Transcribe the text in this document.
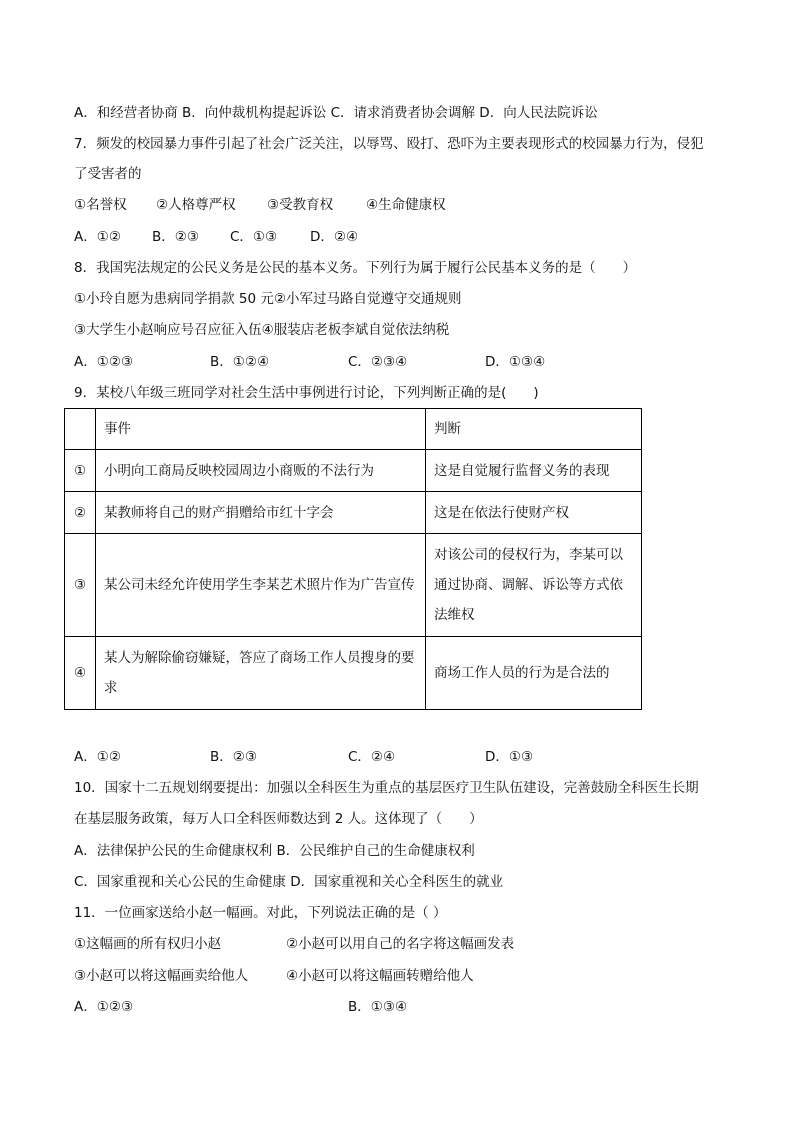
A．和经营者协商 B．向仲裁机构提起诉讼 C．请求消费者协会调解 D．向人民法院诉讼
7．频发的校园暴力事件引起了社会广泛关注，以辱骂、殴打、恐吓为主要表现形式的校园暴力行为，侵犯
了受害者的
①名誉权 ②人格尊严权 ③受教育权 ④生命健康权
A．①② B．②③ C．①③ D．②④
8．我国宪法规定的公民义务是公民的基本义务。下列行为属于履行公民基本义务的是（　　）
①小玲自愿为患病同学捐款 50 元②小军过马路自觉遵守交通规则
③大学生小赵响应号召应征入伍④服装店老板李斌自觉依法纳税
A．①②③	B．①②④	C．②③④	D．①③④
9．某校八年级三班同学对社会生活中事例进行讨论，下列判断正确的是(　　)
	事件	判断
①	小明向工商局反映校园周边小商贩的不法行为	这是自觉履行监督义务的表现
②	某教师将自己的财产捐赠给市红十字会	这是在依法行使财产权
③	某公司未经允许使用学生李某艺术照片作为广告宣传	对该公司的侵权行为，李某可以通过协商、调解、诉讼等方式依法维权
④	某人为解除偷窃嫌疑，答应了商场工作人员搜身的要求	商场工作人员的行为是合法的
A．①②	B．②③	C．②④	D．①③
10．国家十二五规划纲要提出：加强以全科医生为重点的基层医疗卫生队伍建设，完善鼓励全科医生长期
在基层服务政策，每万人口全科医师数达到 2 人。这体现了（　　）
A．法律保护公民的生命健康权利 B．公民维护自己的生命健康权利
C．国家重视和关心公民的生命健康 D．国家重视和关心全科医生的就业
11．一位画家送给小赵一幅画。对此，下列说法正确的是（ ）
①这幅画的所有权归小赵	②小赵可以用自己的名字将这幅画发表
③小赵可以将这幅画卖给他人	④小赵可以将这幅画转赠给他人
A．①②③	B．①③④
